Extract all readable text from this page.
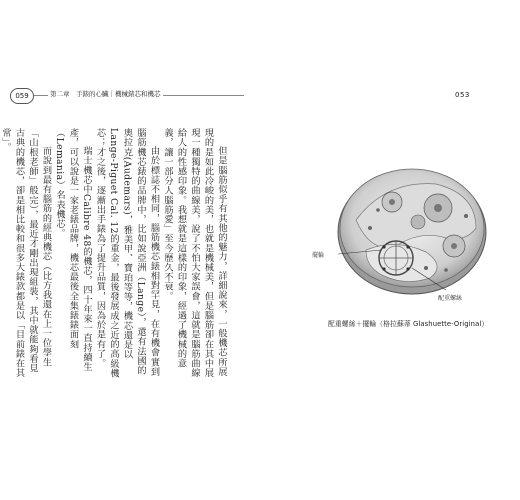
059	第二章　手錶的心臟｜機械錶芯和機芯	053

但是腦筋似乎有其他的魅力，詳細說來，一般機芯所展現的是如此冷峻的美，也就是機械美，但是腦筋卻在其中展現一種獨特的曲線美，說了不怕大家誤會，這就是腦筋曲線給人的性感印象。我想就是這樣的印象，經過了機械的意義，讓一部分人腦筋愛」至今歷久不衰。

由於標誌不相同，腦筋機芯錶相對罕見，在有機會實到腦筋機芯錶的品牌中，比如說亞洲（Lange），還有法國的奧拉克(Audemars)，雅美甲、寶珀等等，機芯還是以Lange-Piguet Cal. 12的重金，最後發展成之近的高級機芯；才之後，逐漸出手錶為了提升品質，因為於是有了。

瑞士機芯中Calibre 48的機芯，四十年來一直持續生產，可以說是一家老錶品牌，機芯最後全集錶錶面刻（Lemania）名表機芯。

而說到最有腦筋的經典機芯（比方我還在上一位學生「山根老師」般完），最近才剛出現組裝，其中就能夠看見古典的機芯，卻是相比較和很多大錶款都是以「目前錶在其常」。

擺輪
配重螺絲
配重螺絲＋擺輪（格拉蘇蒂 Glashuette-Original）
